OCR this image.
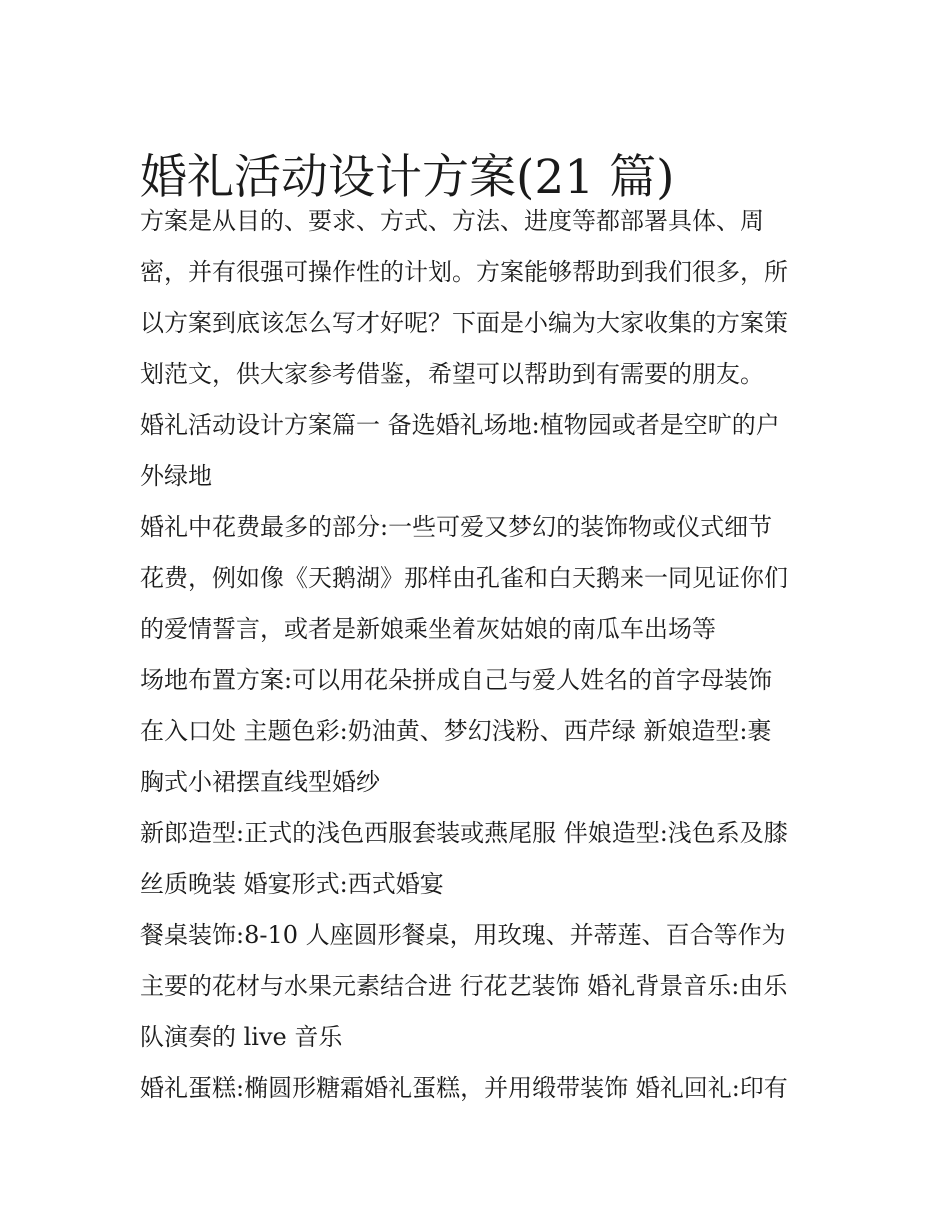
婚礼活动设计方案(21 篇)
方案是从目的、要求、方式、方法、进度等都部署具体、周
密，并有很强可操作性的计划。方案能够帮助到我们很多，所
以方案到底该怎么写才好呢？下面是小编为大家收集的方案策
划范文，供大家参考借鉴，希望可以帮助到有需要的朋友。
婚礼活动设计方案篇一 备选婚礼场地:植物园或者是空旷的户
外绿地
婚礼中花费最多的部分:一些可爱又梦幻的装饰物或仪式细节
花费，例如像《天鹅湖》那样由孔雀和白天鹅来一同见证你们
的爱情誓言，或者是新娘乘坐着灰姑娘的南瓜车出场等
场地布置方案:可以用花朵拼成自己与爱人姓名的首字母装饰
在入口处 主题色彩:奶油黄、梦幻浅粉、西芹绿 新娘造型:裹
胸式小裙摆直线型婚纱
新郎造型:正式的浅色西服套装或燕尾服 伴娘造型:浅色系及膝
丝质晚装 婚宴形式:西式婚宴
餐桌装饰:8-10 人座圆形餐桌，用玫瑰、并蒂莲、百合等作为
主要的花材与水果元素结合进 行花艺装饰 婚礼背景音乐:由乐
队演奏的 live 音乐
婚礼蛋糕:椭圆形糖霜婚礼蛋糕，并用缎带装饰 婚礼回礼:印有
